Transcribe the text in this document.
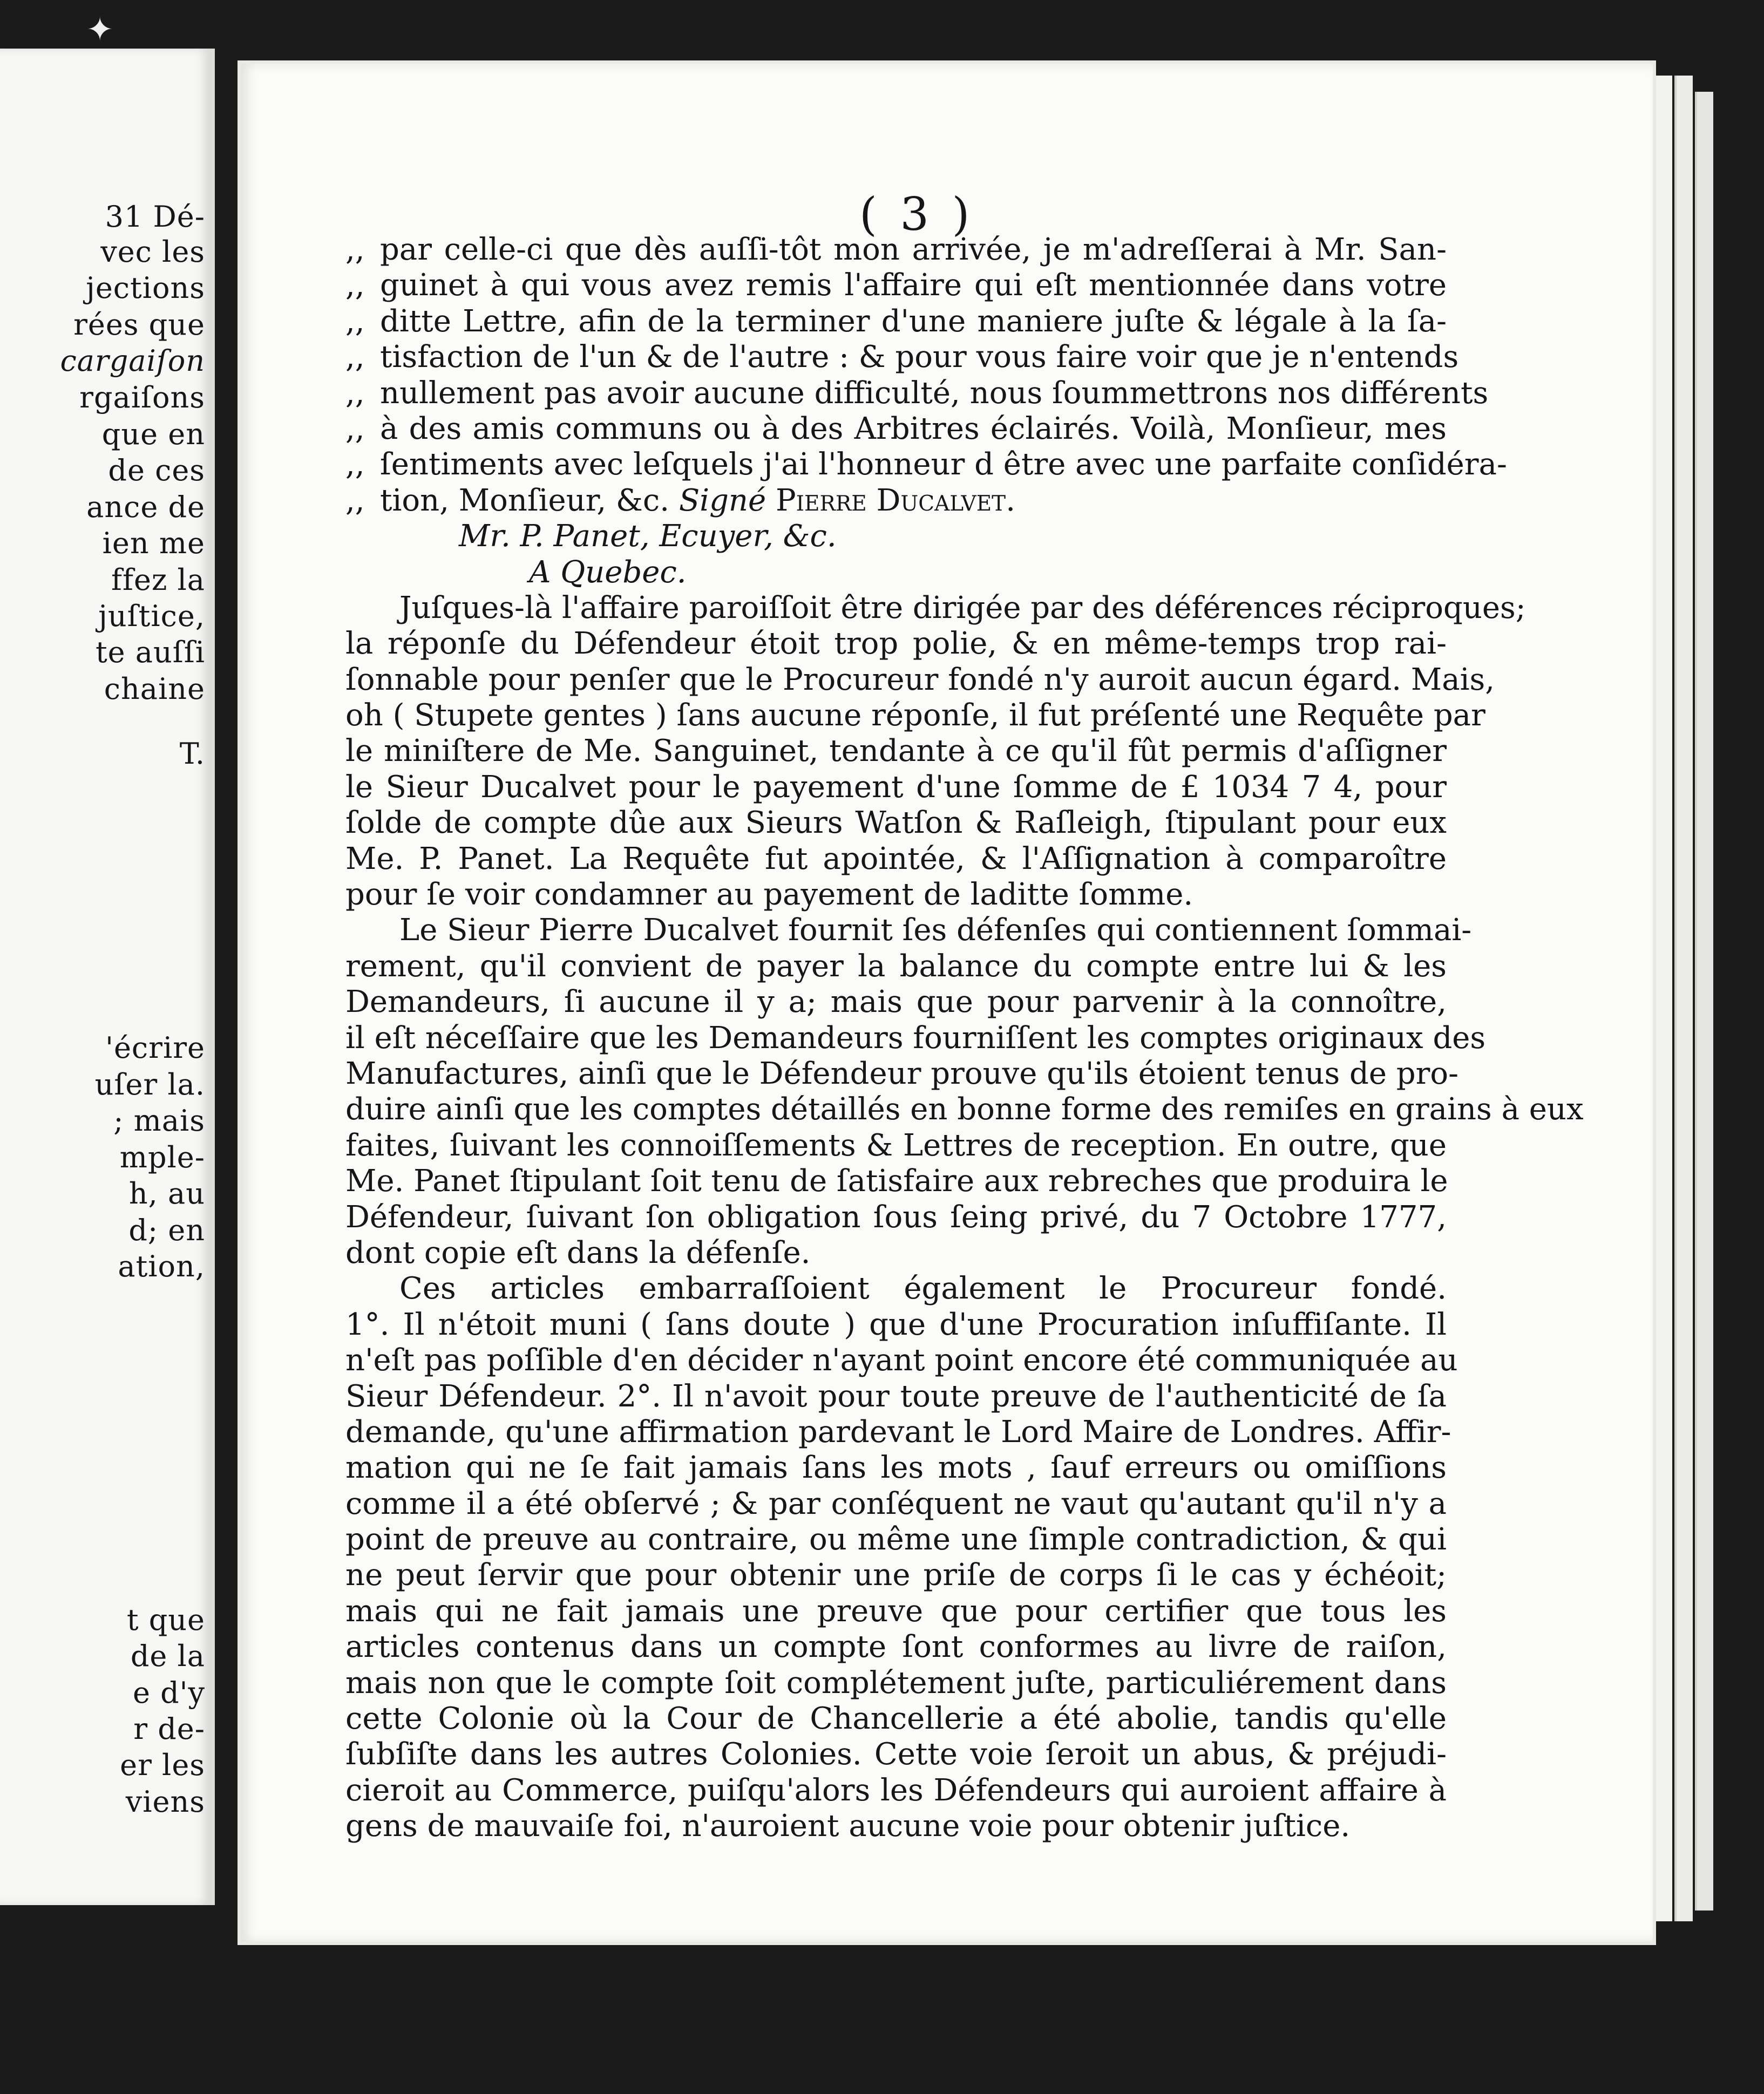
31 Dé-
vec les
jections
rées que
cargaiſon
rgaiſons
que en
de ces
ance de
ien me
ffez la
juſtice,
te auſſi
chaine
T.
'écrire
uſer la.
; mais
mple-
h, au
d; en
ation,
t que
de la
e d'y
r de-
er les
viens
( 3 )
,, par celle-ci que dès auſſi-tôt mon arrivée, je m'adreſſerai à Mr. San-
,, guinet à qui vous avez remis l'affaire qui eſt mentionnée dans votre
,, ditte Lettre, afin de la terminer d'une maniere juſte & légale à la ſa-
,, tisfaction de l'un & de l'autre : & pour vous faire voir que je n'entends
,, nullement pas avoir aucune difficulté, nous ſoummettrons nos différents
,, à des amis communs ou à des Arbitres éclairés. Voilà, Monſieur, mes
,, ſentiments avec leſquels j'ai l'honneur d être avec une parfaite conſidéra-
,, tion, Monſieur, &c. Signé Pierre Ducalvet.
Mr. P. Panet, Ecuyer, &c.
A Quebec.
Juſques-là l'affaire paroiſſoit être dirigée par des déférences réciproques;
la réponſe du Défendeur étoit trop polie, & en même-temps trop rai-
ſonnable pour penſer que le Procureur fondé n'y auroit aucun égard. Mais,
oh ( Stupete gentes ) ſans aucune réponſe, il fut préſenté une Requête par
le miniſtere de Me. Sanguinet, tendante à ce qu'il fût permis d'aſſigner
le Sieur Ducalvet pour le payement d'une ſomme de £ 1034 7 4, pour
ſolde de compte dûe aux Sieurs Watſon & Raſleigh, ſtipulant pour eux
Me. P. Panet. La Requête fut apointée, & l'Aſſignation à comparoître
pour ſe voir condamner au payement de laditte ſomme.
Le Sieur Pierre Ducalvet fournit ſes défenſes qui contiennent ſommai-
rement, qu'il convient de payer la balance du compte entre lui & les
Demandeurs, ſi aucune il y a; mais que pour parvenir à la connoître,
il eſt néceſſaire que les Demandeurs fourniſſent les comptes originaux des
Manufactures, ainſi que le Défendeur prouve qu'ils étoient tenus de pro-
duire ainſi que les comptes détaillés en bonne forme des remiſes en grains à eux
faites, ſuivant les connoiſſements & Lettres de reception. En outre, que
Me. Panet ſtipulant ſoit tenu de ſatisfaire aux rebreches que produira le
Défendeur, ſuivant ſon obligation ſous ſeing privé, du 7 Octobre 1777,
dont copie eſt dans la défenſe.
Ces articles embarraſſoient également le Procureur fondé.
1°. Il n'étoit muni ( ſans doute ) que d'une Procuration inſuffiſante. Il
n'eſt pas poſſible d'en décider n'ayant point encore été communiquée au
Sieur Défendeur. 2°. Il n'avoit pour toute preuve de l'authenticité de ſa
demande, qu'une affirmation pardevant le Lord Maire de Londres. Affir-
mation qui ne ſe fait jamais ſans les mots , ſauf erreurs ou omiſſions
comme il a été obſervé ; & par conſéquent ne vaut qu'autant qu'il n'y a
point de preuve au contraire, ou même une ſimple contradiction, & qui
ne peut ſervir que pour obtenir une priſe de corps ſi le cas y échéoit;
mais qui ne fait jamais une preuve que pour certifier que tous les
articles contenus dans un compte ſont conformes au livre de raiſon,
mais non que le compte ſoit complétement juſte, particuliérement dans
cette Colonie où la Cour de Chancellerie a été abolie, tandis qu'elle
ſubſiſte dans les autres Colonies. Cette voie ſeroit un abus, & préjudi-
cieroit au Commerce, puiſqu'alors les Défendeurs qui auroient affaire à
gens de mauvaiſe foi, n'auroient aucune voie pour obtenir juſtice.
✦
